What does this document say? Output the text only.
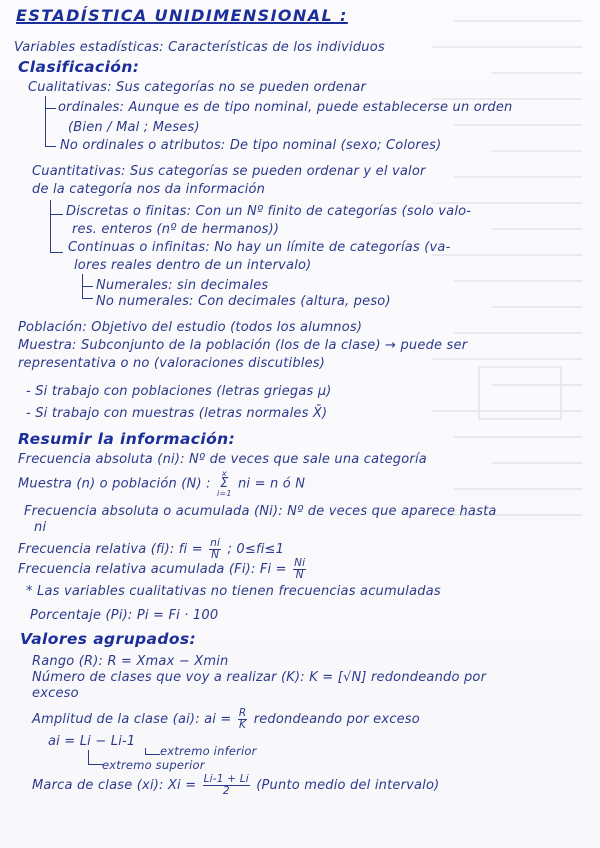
ESTADÍSTICA UNIDIMENSIONAL :
Variables estadísticas: Características de los individuos
Clasificación:
Cualitativas: Sus categorías no se pueden ordenar
ordinales: Aunque es de tipo nominal, puede establecerse un orden
(Bien / Mal ; Meses)
No ordinales o atributos: De tipo nominal (sexo; Colores)
Cuantitativas: Sus categorías se pueden ordenar y el valor
de la categoría nos da información
Discretas o finitas: Con un Nº finito de categorías (solo valo-
res. enteros (nº de hermanos))
Continuas o infinitas: No hay un límite de categorías (va-
lores reales dentro de un intervalo)
Numerales: sin decimales
No numerales: Con decimales (altura, peso)
Población: Objetivo del estudio (todos los alumnos)
Muestra: Subconjunto de la población (los de la clase) → puede ser
representativa o no (valoraciones discutibles)
- Si trabajo con poblaciones (letras griegas μ)
- Si trabajo con muestras (letras normales X̄)
Resumir la información:
Frecuencia absoluta (ni): Nº de veces que sale una categoría
Muestra (n) o población (N) :
x
Σ
i=1
ni = n ó N
Frecuencia absoluta o acumulada (Ni): Nº de veces que aparece hasta
ni
Frecuencia relativa (fi): fi = $\frac{ni}{N}$ ; 0≤fi≤1
Frecuencia relativa acumulada (Fi): $Fi = \frac{Ni}{N}$
* Las variables cualitativas no tienen frecuencias acumuladas
Porcentaje (Pi): Pi = Fi · 100
Valores agrupados:
Rango (R): R = Xmax − Xmin
Número de clases que voy a realizar (K): K = [√N] redondeando por
exceso
Amplitud de la clase (ai): ai = $\frac{R}{K}$ redondeando por exceso
ai = Li − Li-1
extremo inferior
extremo superior
Marca de clase (xi): $Xi = \frac{Li-1 + Li}{2}$ (Punto medio del intervalo)
